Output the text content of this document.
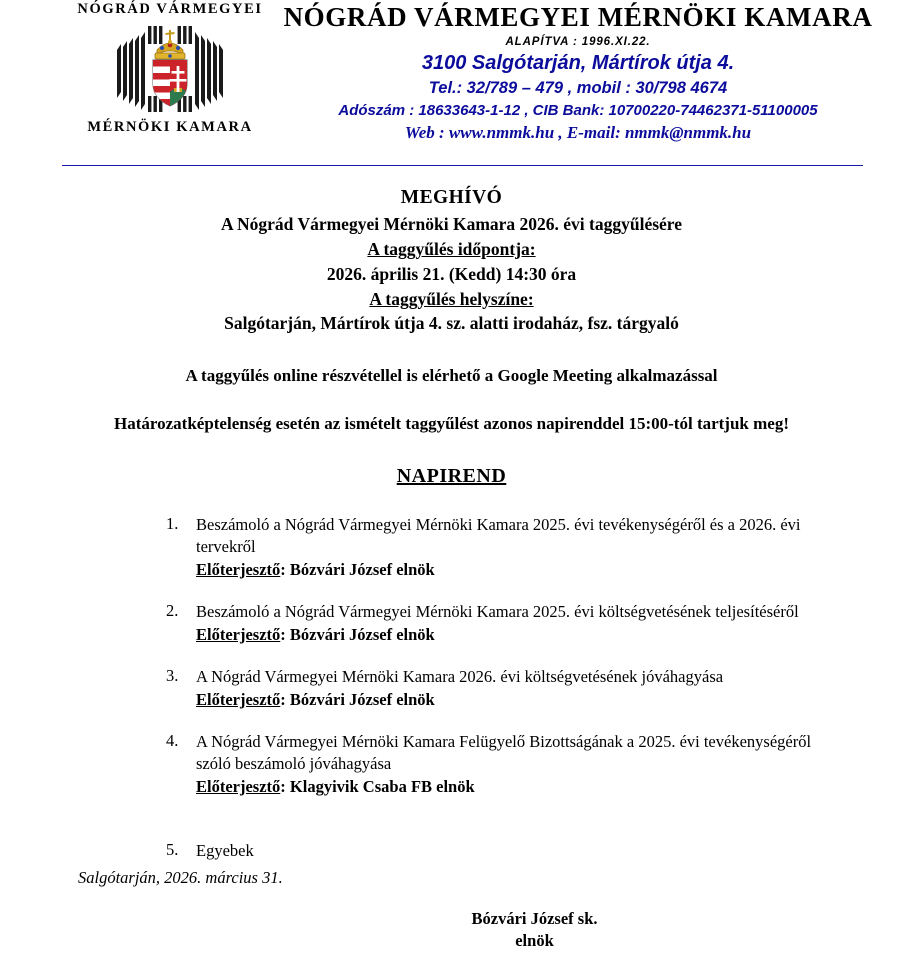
NÓGRÁD VÁRMEGYEI
MÉRNÖKI KAMARA
NÓGRÁD VÁRMEGYEI MÉRNÖKI KAMARA
ALAPÍTVA : 1996.XI.22.
3100 Salgótarján, Mártírok útja 4.
Tel.: 32/789 – 479 , mobil : 30/798 4674
Adószám : 18633643-1-12 , CIB Bank: 10700220-74462371-51100005
Web : www.nmmk.hu , E-mail: nmmk@nmmk.hu
MEGHÍVÓ
A Nógrád Vármegyei Mérnöki Kamara 2026. évi taggyűlésére
A taggyűlés időpontja:
2026. április 21. (Kedd) 14:30 óra
A taggyűlés helyszíne:
Salgótarján, Mártírok útja 4. sz. alatti irodaház, fsz. tárgyaló
A taggyűlés online részvétellel is elérhető a Google Meeting alkalmazással
Határozatképtelenség esetén az ismételt taggyűlést azonos napirenddel 15:00-tól tartjuk meg!
NAPIREND
1.	Beszámoló a Nógrád Vármegyei Mérnöki Kamara 2025. évi tevékenységéről és a 2026. évi tervekről
Előterjesztő: Bózvári József elnök
2.	Beszámoló a Nógrád Vármegyei Mérnöki Kamara 2025. évi költségvetésének teljesítéséről
Előterjesztő: Bózvári József elnök
3.	A Nógrád Vármegyei Mérnöki Kamara 2026. évi költségvetésének jóváhagyása
Előterjesztő: Bózvári József elnök
4.	A Nógrád Vármegyei Mérnöki Kamara Felügyelő Bizottságának a 2025. évi tevékenységéről szóló beszámoló jóváhagyása
Előterjesztő: Klagyivik Csaba FB elnök
5.	Egyebek
Salgótarján, 2026. március 31.
Bózvári József sk.
elnök
